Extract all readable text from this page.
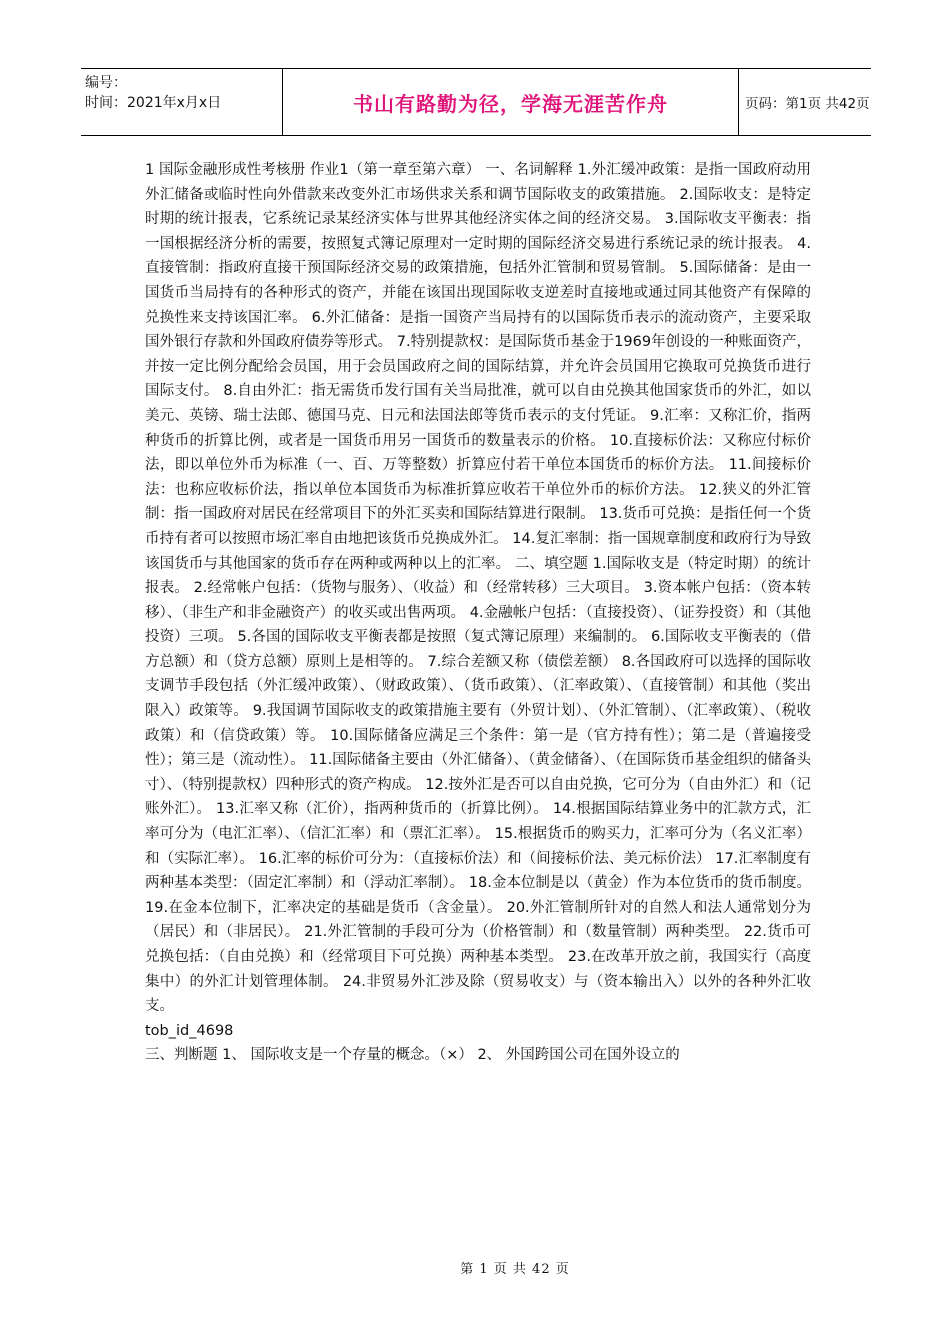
编号：
时间：2021年x月x日	书山有路勤为径，学海无涯苦作舟	页码：第1页 共42页

1 国际金融形成性考核册 作业1（第一章至第六章） 一、名词解释 1.外汇缓冲政策：是指一国政府动用外汇储备或临时性向外借款来改变外汇市场供求关系和调节国际收支的政策措施。 2.国际收支：是特定时期的统计报表，它系统记录某经济实体与世界其他经济实体之间的经济交易。 3.国际收支平衡表：指一国根据经济分析的需要，按照复式簿记原理对一定时期的国际经济交易进行系统记录的统计报表。 4.直接管制：指政府直接干预国际经济交易的政策措施，包括外汇管制和贸易管制。 5.国际储备：是由一国货币当局持有的各种形式的资产，并能在该国出现国际收支逆差时直接地或通过同其他资产有保障的兑换性来支持该国汇率。 6.外汇储备：是指一国资产当局持有的以国际货币表示的流动资产，主要采取国外银行存款和外国政府债券等形式。 7.特别提款权：是国际货币基金于1969年创设的一种账面资产，并按一定比例分配给会员国，用于会员国政府之间的国际结算，并允许会员国用它换取可兑换货币进行国际支付。 8.自由外汇：指无需货币发行国有关当局批准，就可以自由兑换其他国家货币的外汇，如以美元、英镑、瑞士法郎、德国马克、日元和法国法郎等货币表示的支付凭证。 9.汇率：又称汇价，指两种货币的折算比例，或者是一国货币用另一国货币的数量表示的价格。 10.直接标价法：又称应付标价法，即以单位外币为标准（一、百、万等整数）折算应付若干单位本国货币的标价方法。 11.间接标价法：也称应收标价法，指以单位本国货币为标准折算应收若干单位外币的标价方法。 12.狭义的外汇管制：指一国政府对居民在经常项目下的外汇买卖和国际结算进行限制。 13.货币可兑换：是指任何一个货币持有者可以按照市场汇率自由地把该货币兑换成外汇。 14.复汇率制：指一国规章制度和政府行为导致该国货币与其他国家的货币存在两种或两种以上的汇率。 二、填空题 1.国际收支是（特定时期）的统计报表。 2.经常帐户包括：（货物与服务）、（收益）和（经常转移）三大项目。 3.资本帐户包括：（资本转移）、（非生产和非金融资产）的收买或出售两项。 4.金融帐户包括：（直接投资）、（证券投资）和（其他投资）三项。 5.各国的国际收支平衡表都是按照（复式簿记原理）来编制的。 6.国际收支平衡表的（借方总额）和（贷方总额）原则上是相等的。 7.综合差额又称（债偿差额） 8.各国政府可以选择的国际收支调节手段包括（外汇缓冲政策）、（财政政策）、（货币政策）、（汇率政策）、（直接管制）和其他（奖出限入）政策等。 9.我国调节国际收支的政策措施主要有（外贸计划）、（外汇管制）、（汇率政策）、（税收政策）和（信贷政策）等。 10.国际储备应满足三个条件：第一是（官方持有性）；第二是（普遍接受性）；第三是（流动性）。 11.国际储备主要由（外汇储备）、（黄金储备）、（在国际货币基金组织的储备头寸）、（特别提款权）四种形式的资产构成。 12.按外汇是否可以自由兑换，它可分为（自由外汇）和（记账外汇）。 13.汇率又称（汇价），指两种货币的（折算比例）。 14.根据国际结算业务中的汇款方式，汇率可分为（电汇汇率）、（信汇汇率）和（票汇汇率）。 15.根据货币的购买力，汇率可分为（名义汇率）和（实际汇率）。 16.汇率的标价可分为：（直接标价法）和（间接标价法、美元标价法） 17.汇率制度有两种基本类型：（固定汇率制）和（浮动汇率制）。 18.金本位制是以（黄金）作为本位货币的货币制度。 19.在金本位制下，汇率决定的基础是货币（含金量）。 20.外汇管制所针对的自然人和法人通常划分为（居民）和（非居民）。 21.外汇管制的手段可分为（价格管制）和（数量管制）两种类型。 22.货币可兑换包括：（自由兑换）和（经常项目下可兑换）两种基本类型。 23.在改革开放之前，我国实行（高度集中）的外汇计划管理体制。 24.非贸易外汇涉及除（贸易收支）与（资本输出入）以外的各种外汇收支。

tob_id_4698

三、判断题 1、 国际收支是一个存量的概念。（×） 2、 外国跨国公司在国外设立的

第 1 页 共 42 页
